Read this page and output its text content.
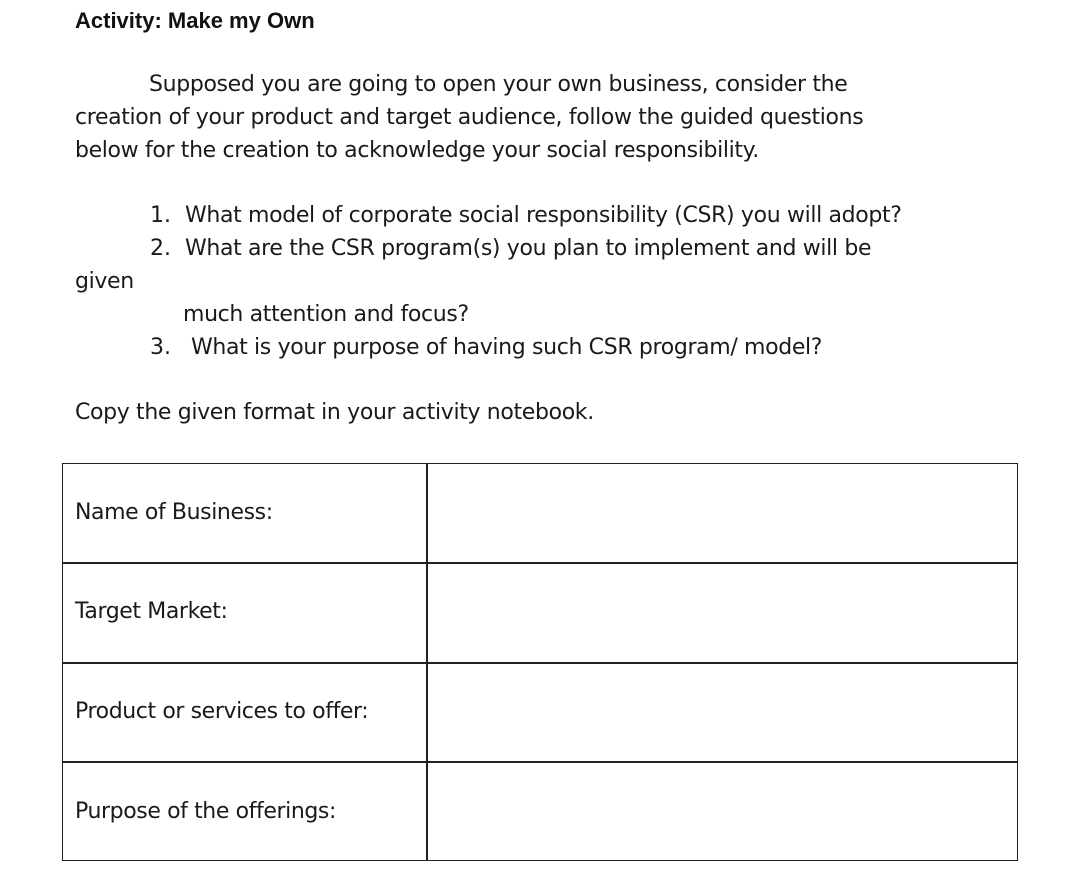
Activity: Make my Own

Supposed you are going to open your own business, consider the

creation of your product and target audience, follow the guided questions

below for the creation to acknowledge your social responsibility.

1. What model of corporate social responsibility (CSR) you will adopt?
2. What are the CSR program(s) you plan to implement and will be
given
much attention and focus?
3. What is your purpose of having such CSR program/ model?

Copy the given format in your activity notebook.

Name of Business:
Target Market:
Product or services to offer:
Purpose of the offerings:
